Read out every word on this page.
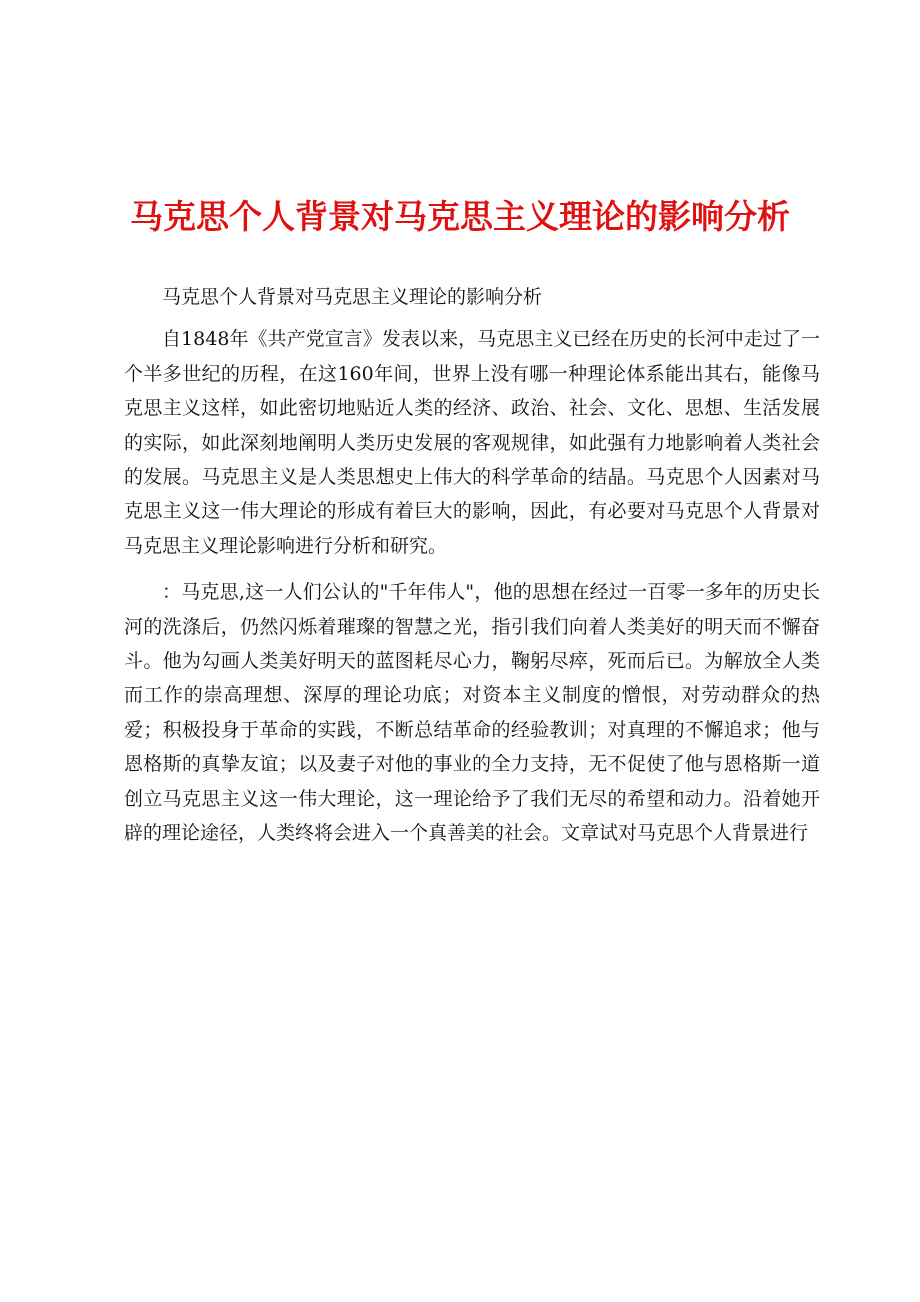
马克思个人背景对马克思主义理论的影响分析

马克思个人背景对马克思主义理论的影响分析

自1848年《共产党宣言》发表以来，马克思主义已经在历史的长河中走过了一个半多世纪的历程，在这160年间，世界上没有哪一种理论体系能出其右，能像马克思主义这样，如此密切地贴近人类的经济、政治、社会、文化、思想、生活发展的实际，如此深刻地阐明人类历史发展的客观规律，如此强有力地影响着人类社会的发展。马克思主义是人类思想史上伟大的科学革命的结晶。马克思个人因素对马克思主义这一伟大理论的形成有着巨大的影响，因此，有必要对马克思个人背景对马克思主义理论影响进行分析和研究。

：马克思,这一人们公认的"千年伟人"，他的思想在经过一百零一多年的历史长河的洗涤后，仍然闪烁着璀璨的智慧之光，指引我们向着人类美好的明天而不懈奋斗。他为勾画人类美好明天的蓝图耗尽心力，鞠躬尽瘁，死而后已。为解放全人类而工作的崇高理想、深厚的理论功底；对资本主义制度的憎恨，对劳动群众的热爱；积极投身于革命的实践，不断总结革命的经验教训；对真理的不懈追求；他与恩格斯的真挚友谊；以及妻子对他的事业的全力支持，无不促使了他与恩格斯一道创立马克思主义这一伟大理论，这一理论给予了我们无尽的希望和动力。沿着她开辟的理论途径，人类终将会进入一个真善美的社会。文章试对马克思个人背景进行
